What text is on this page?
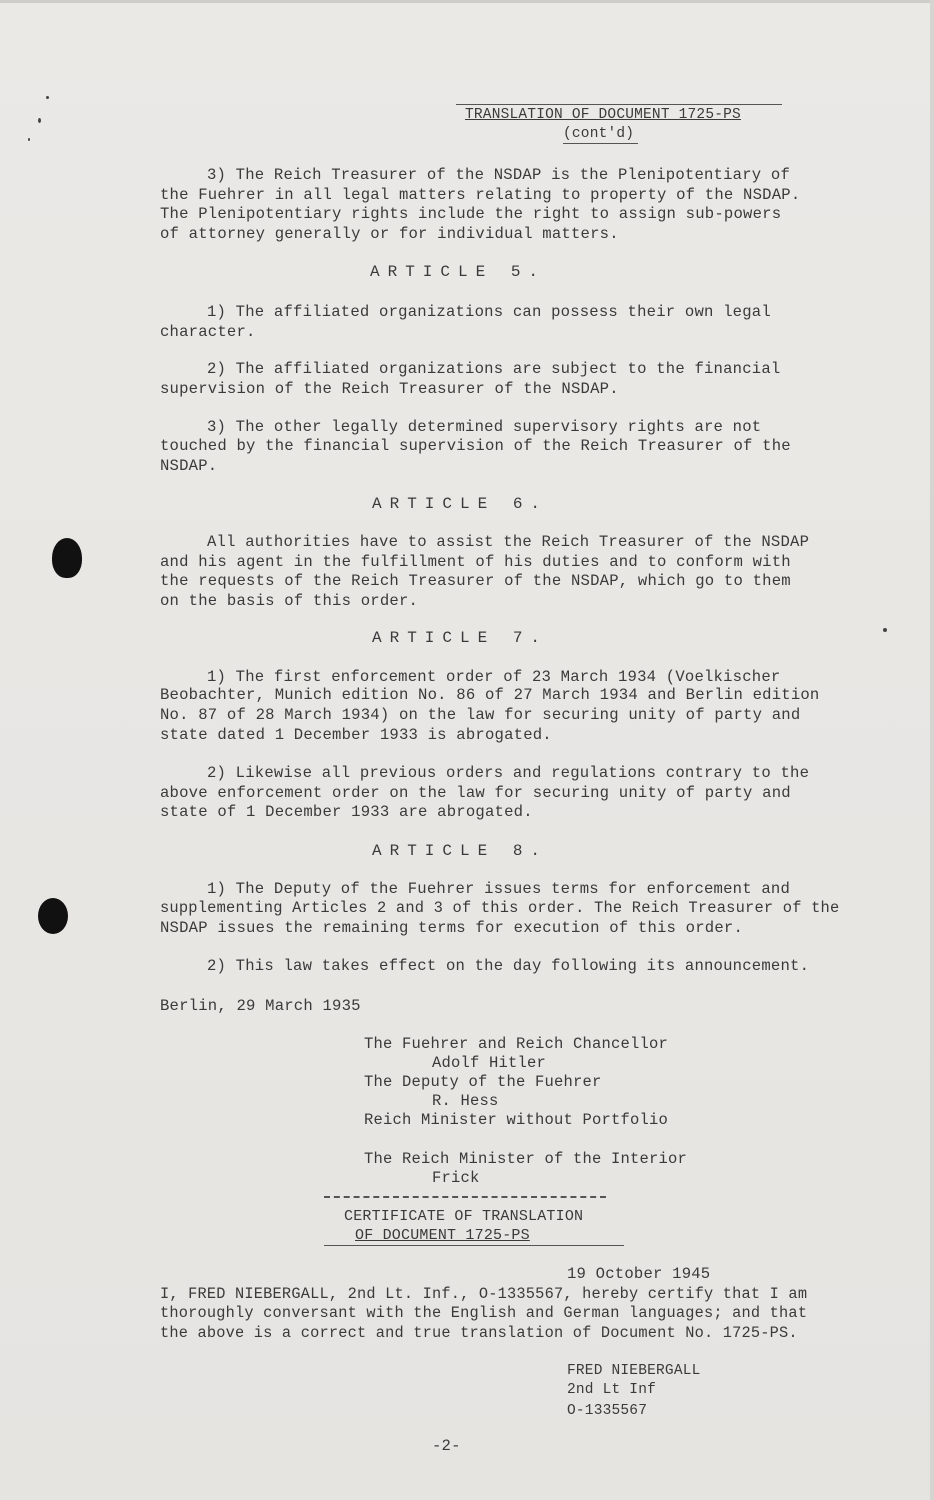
TRANSLATION OF DOCUMENT 1725-PS

(cont'd)

3) The Reich Treasurer of the NSDAP is the Plenipotentiary of

the Fuehrer in all legal matters relating to property of the NSDAP.

The Plenipotentiary rights include the right to assign sub-powers

of attorney generally or for individual matters.

ARTICLE 5.

1) The affiliated organizations can possess their own legal

character.

2) The affiliated organizations are subject to the financial

supervision of the Reich Treasurer of the NSDAP.

3) The other legally determined supervisory rights are not

touched by the financial supervision of the Reich Treasurer of the

NSDAP.

ARTICLE 6.

All authorities have to assist the Reich Treasurer of the NSDAP

and his agent in the fulfillment of his duties and to conform with

the requests of the Reich Treasurer of the NSDAP, which go to them

on the basis of this order.

ARTICLE 7.

1) The first enforcement order of 23 March 1934 (Voelkischer

Beobachter, Munich edition No. 86 of 27 March 1934 and Berlin edition

No. 87 of 28 March 1934) on the law for securing unity of party and

state dated 1 December 1933 is abrogated.

2) Likewise all previous orders and regulations contrary to the

above enforcement order on the law for securing unity of party and

state of 1 December 1933 are abrogated.

ARTICLE 8.

1) The Deputy of the Fuehrer issues terms for enforcement and

supplementing Articles 2 and 3 of this order. The Reich Treasurer of the

NSDAP issues the remaining terms for execution of this order.

2) This law takes effect on the day following its announcement.

Berlin, 29 March 1935

The Fuehrer and Reich Chancellor

Adolf Hitler

The Deputy of the Fuehrer

R. Hess

Reich Minister without Portfolio

The Reich Minister of the Interior

Frick

CERTIFICATE OF TRANSLATION

OF DOCUMENT 1725-PS

19 October 1945

I, FRED NIEBERGALL, 2nd Lt. Inf., O-1335567, hereby certify that I am

thoroughly conversant with the English and German languages; and that

the above is a correct and true translation of Document No. 1725-PS.

FRED NIEBERGALL

2nd Lt Inf

O-1335567

-2-
